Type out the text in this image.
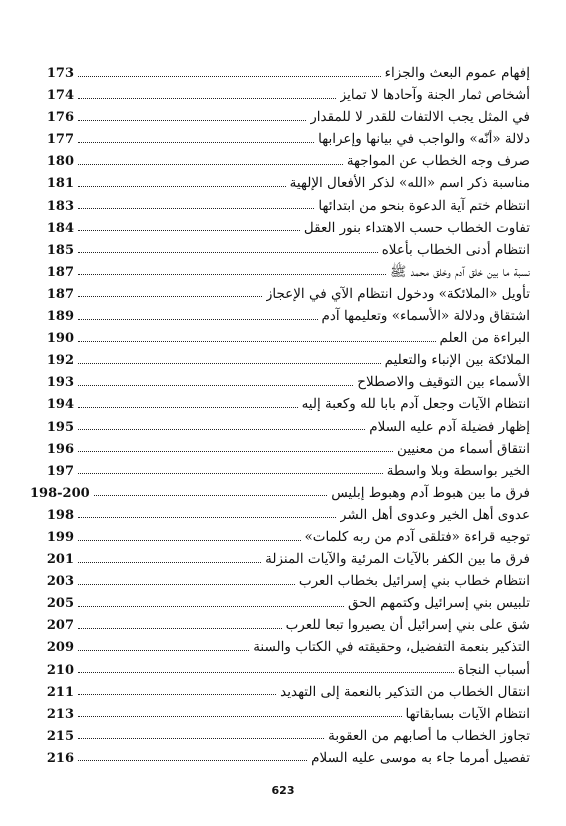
إفهام عموم البعث والجزاء
173
أشخاص ثمار الجنة وآحادها لا تمايز
174
في المثل يجب الالتفات للقدر لا للمقدار
176
دلالة «أنّه» والواجب في بيانها وإعرابها
177
صرف وجه الخطاب عن المواجهة
180
مناسبة ذكر اسم «الله» لذكر الأفعال الإلهية
181
انتظام ختم آية الدعوة بنحو من ابتدائها
183
تفاوت الخطاب حسب الاهتداء بنور العقل
184
انتظام أدنى الخطاب بأعلاه
185
نسبة ما بين خلق آدم وخلق محمد ﷺ
187
تأويل «الملائكة» ودخول انتظام الآي في الإعجاز
187
اشتقاق ودلالة «الأسماء» وتعليمها آدم
189
البراءة من العلم
190
الملائكة بين الإنباء والتعليم
192
الأسماء بين التوقيف والاصطلاح
193
انتظام الآيات وجعل آدم بابا لله وكعبة إليه
194
إظهار فضيلة آدم عليه السلام
195
انتقاق أسماء من معنيين
196
الخير بواسطة وبلا واسطة
197
فرق ما بين هبوط آدم وهبوط إبليس
198-200
عدوى أهل الخير وعدوى أهل الشر
198
توجيه قراءة «فتلقى آدم من ربه كلمات»
199
فرق ما بين الكفر بالآيات المرئية والآيات المنزلة
201
انتظام خطاب بني إسرائيل بخطاب العرب
203
تلبيس بني إسرائيل وكتمهم الحق
205
شق على بني إسرائيل أن يصيروا تبعا للعرب
207
التذكير بنعمة التفضيل، وحقيقته في الكتاب والسنة
209
أسباب النجاة
210
انتقال الخطاب من التذكير بالنعمة إلى التهديد
211
انتظام الآيات بسابقاتها
213
تجاوز الخطاب ما أصابهم من العقوبة
215
تفصيل أمرما جاء به موسى عليه السلام
216
623
